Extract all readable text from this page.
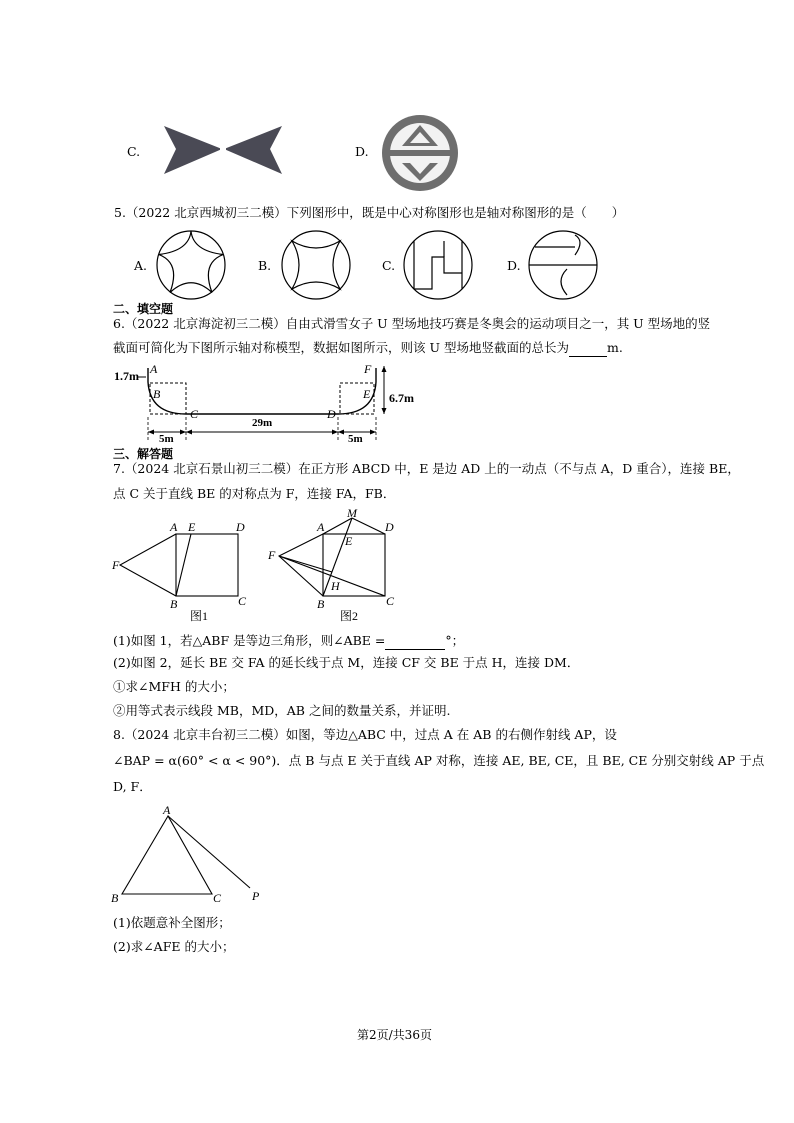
C.	D.
5.（2022 北京西城初三二模）下列图形中，既是中心对称图形也是轴对称图形的是（　　）
A.	B.	C.	D.
二、填空题
6.（2022 北京海淀初三二模）自由式滑雪女子 U 型场地技巧赛是冬奥会的运动项目之一，其 U 型场地的竖
截面可简化为下图所示轴对称模型，数据如图所示，则该 U 型场地竖截面的总长为	m.
1.7m
5m
29m
5m
6.7m
A
B
C	D
E
F
三、解答题
7.（2024 北京石景山初三二模）在正方形 ABCD 中，E 是边 AD 上的一动点（不与点 A，D 重合），连接 BE，
点 C 关于直线 BE 的对称点为 F，连接 FA，FB．
A E	D
F
B	C
图1
A
M
E
D
F
H
B	C
图2
(1)如图 1，若△ABF 是等边三角形，则∠ABE =	°；
(2)如图 2，延长 BE 交 FA 的延长线于点 M，连接 CF 交 BE 于点 H，连接 DM．
①求∠MFH 的大小；
②用等式表示线段 MB，MD，AB 之间的数量关系，并证明.
8.（2024 北京丰台初三二模）如图，等边△ABC 中，过点 A 在 AB 的右侧作射线 AP，设
∠BAP = α(60° < α < 90°)．点 B 与点 E 关于直线 AP 对称，连接 AE, BE, CE，且 BE, CE 分别交射线 AP 于点
D, F．
A
B	C	P
(1)依题意补全图形；
(2)求∠AFE 的大小；
第2页/共36页
